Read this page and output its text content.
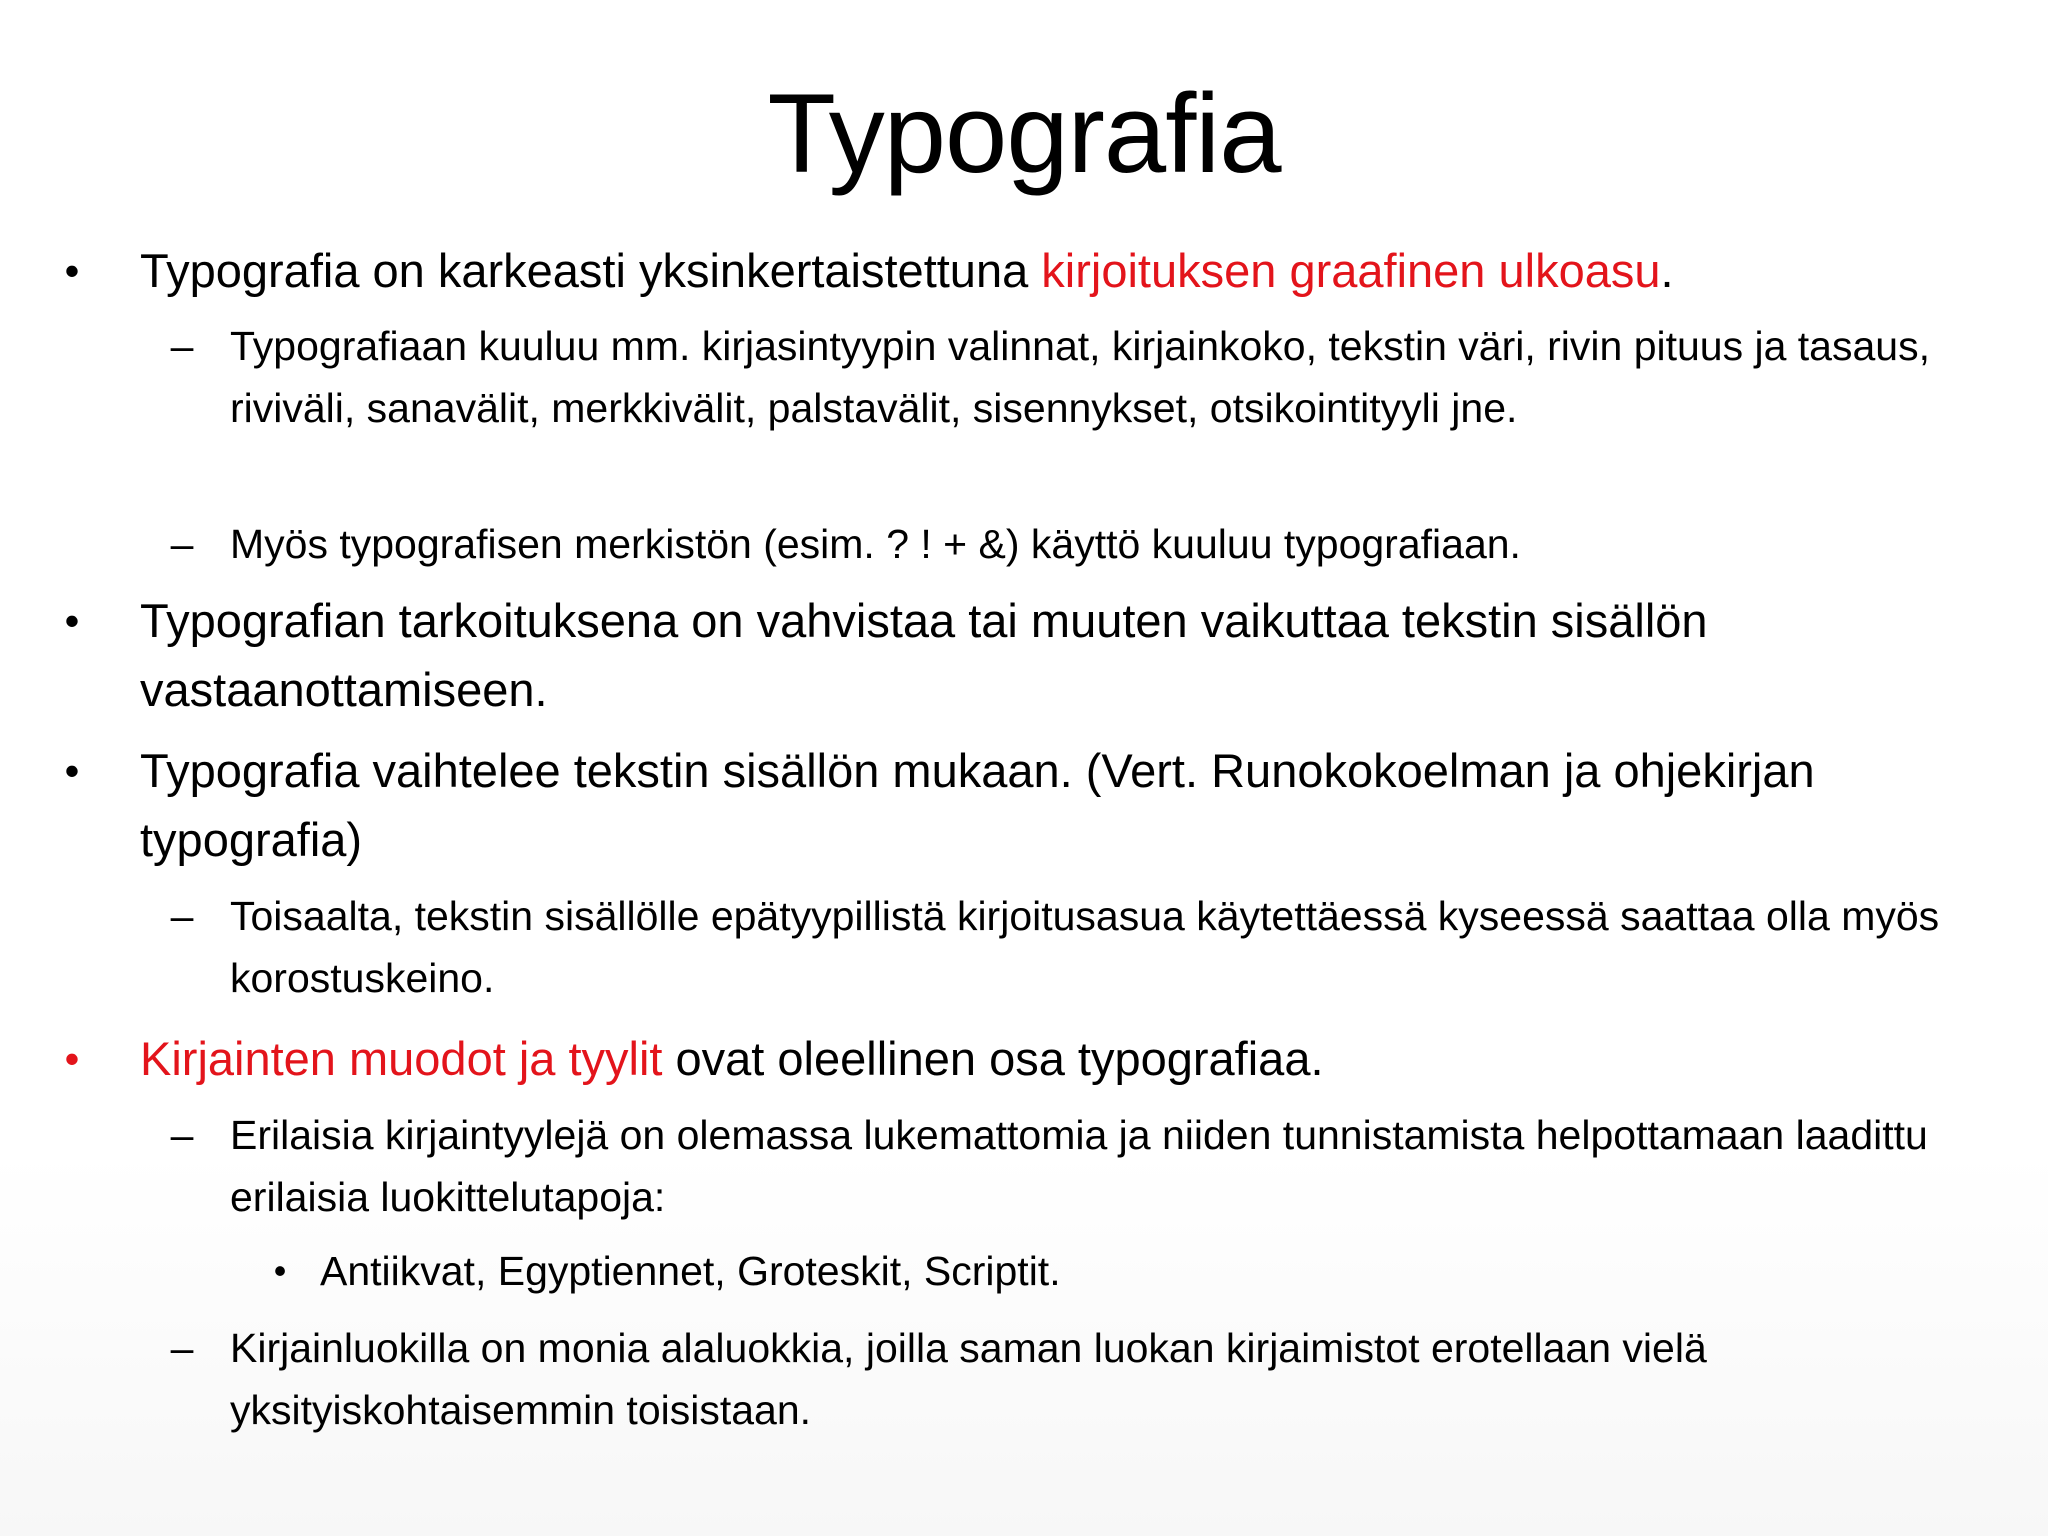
Typografia
• Typografia on karkeasti yksinkertaistettuna kirjoituksen graafinen ulkoasu.
– Typografiaan kuuluu mm. kirjasintyypin valinnat, kirjainkoko, tekstin väri, rivin pituus ja tasaus, riviväli, sanavälit, merkkivälit, palstavälit, sisennykset, otsikointityyli jne.
– Myös typografisen merkistön (esim. ? ! + &) käyttö kuuluu typografiaan.
• Typografian tarkoituksena on vahvistaa tai muuten vaikuttaa tekstin sisällön vastaanottamiseen.
• Typografia vaihtelee tekstin sisällön mukaan. (Vert. Runokokoelman ja ohjekirjan typografia)
– Toisaalta, tekstin sisällölle epätyypillistä kirjoitusasua käytettäessä kyseessä saattaa olla myös korostuskeino.
• Kirjainten muodot ja tyylit ovat oleellinen osa typografiaa.
– Erilaisia kirjaintyylejä on olemassa lukemattomia ja niiden tunnistamista helpottamaan laadittu erilaisia luokittelutapoja:
• Antiikvat, Egyptiennet, Groteskit, Scriptit.
– Kirjainluokilla on monia alaluokkia, joilla saman luokan kirjaimistot erotellaan vielä yksityiskohtaisemmin toisistaan.
